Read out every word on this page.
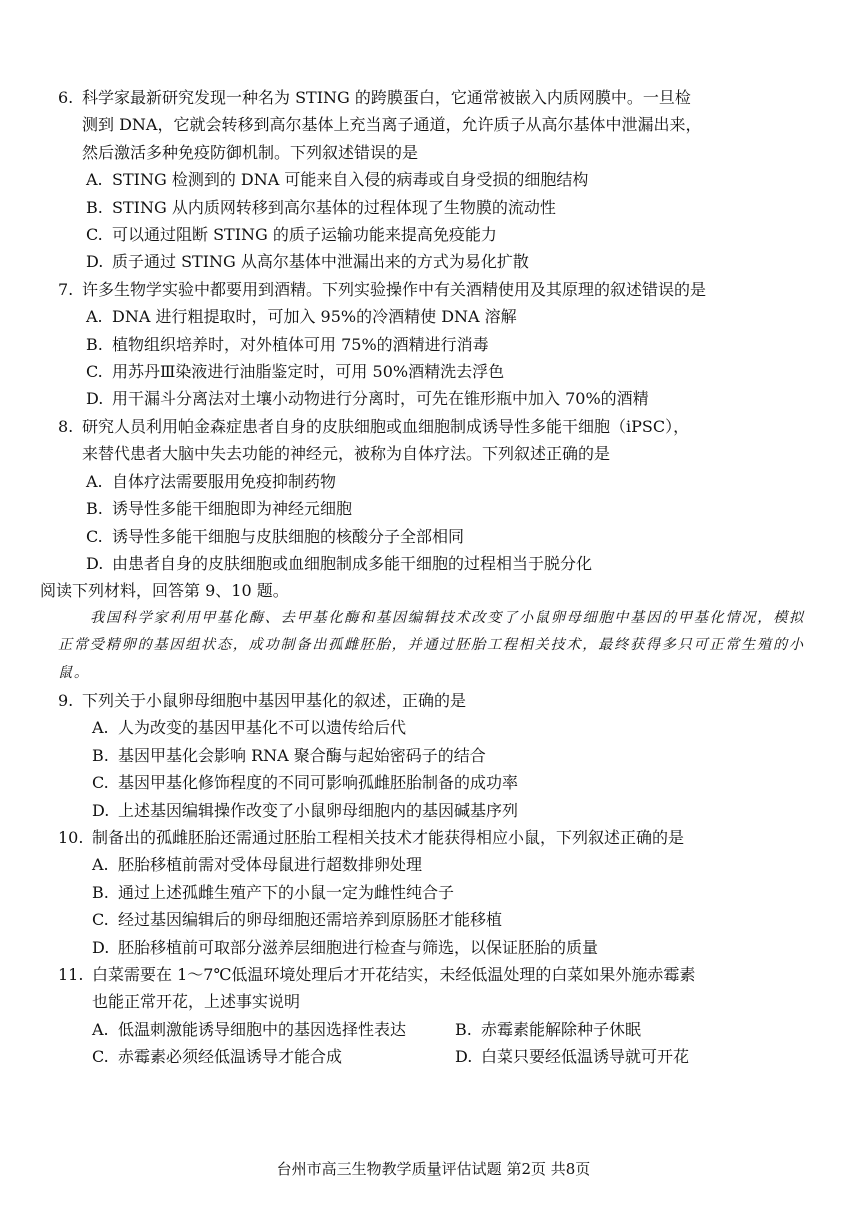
6. 科学家最新研究发现一种名为 STING 的跨膜蛋白，它通常被嵌入内质网膜中。一旦检
测到 DNA，它就会转移到高尔基体上充当离子通道，允许质子从高尔基体中泄漏出来，
然后激活多种免疫防御机制。下列叙述错误的是
A. STING 检测到的 DNA 可能来自入侵的病毒或自身受损的细胞结构
B. STING 从内质网转移到高尔基体的过程体现了生物膜的流动性
C. 可以通过阻断 STING 的质子运输功能来提高免疫能力
D. 质子通过 STING 从高尔基体中泄漏出来的方式为易化扩散
7. 许多生物学实验中都要用到酒精。下列实验操作中有关酒精使用及其原理的叙述错误的是
A. DNA 进行粗提取时，可加入 95%的冷酒精使 DNA 溶解
B. 植物组织培养时，对外植体可用 75%的酒精进行消毒
C. 用苏丹Ⅲ染液进行油脂鉴定时，可用 50%酒精洗去浮色
D. 用干漏斗分离法对土壤小动物进行分离时，可先在锥形瓶中加入 70%的酒精
8. 研究人员利用帕金森症患者自身的皮肤细胞或血细胞制成诱导性多能干细胞（iPSC），
来替代患者大脑中失去功能的神经元，被称为自体疗法。下列叙述正确的是
A. 自体疗法需要服用免疫抑制药物
B. 诱导性多能干细胞即为神经元细胞
C. 诱导性多能干细胞与皮肤细胞的核酸分子全部相同
D. 由患者自身的皮肤细胞或血细胞制成多能干细胞的过程相当于脱分化
阅读下列材料，回答第 9、10 题。
我国科学家利用甲基化酶、去甲基化酶和基因编辑技术改变了小鼠卵母细胞中基因的甲基化情况，模拟正常受精卵的基因组状态，成功制备出孤雌胚胎，并通过胚胎工程相关技术，最终获得多只可正常生殖的小鼠。
9. 下列关于小鼠卵母细胞中基因甲基化的叙述，正确的是
A. 人为改变的基因甲基化不可以遗传给后代
B. 基因甲基化会影响 RNA 聚合酶与起始密码子的结合
C. 基因甲基化修饰程度的不同可影响孤雌胚胎制备的成功率
D. 上述基因编辑操作改变了小鼠卵母细胞内的基因碱基序列
10. 制备出的孤雌胚胎还需通过胚胎工程相关技术才能获得相应小鼠，下列叙述正确的是
A. 胚胎移植前需对受体母鼠进行超数排卵处理
B. 通过上述孤雌生殖产下的小鼠一定为雌性纯合子
C. 经过基因编辑后的卵母细胞还需培养到原肠胚才能移植
D. 胚胎移植前可取部分滋养层细胞进行检查与筛选，以保证胚胎的质量
11. 白菜需要在 1～7℃低温环境处理后才开花结实，未经低温处理的白菜如果外施赤霉素
也能正常开花，上述事实说明
A. 低温刺激能诱导细胞中的基因选择性表达	B. 赤霉素能解除种子休眠
C. 赤霉素必须经低温诱导才能合成	D. 白菜只要经低温诱导就可开花
台州市高三生物教学质量评估试题 第2页 共8页
